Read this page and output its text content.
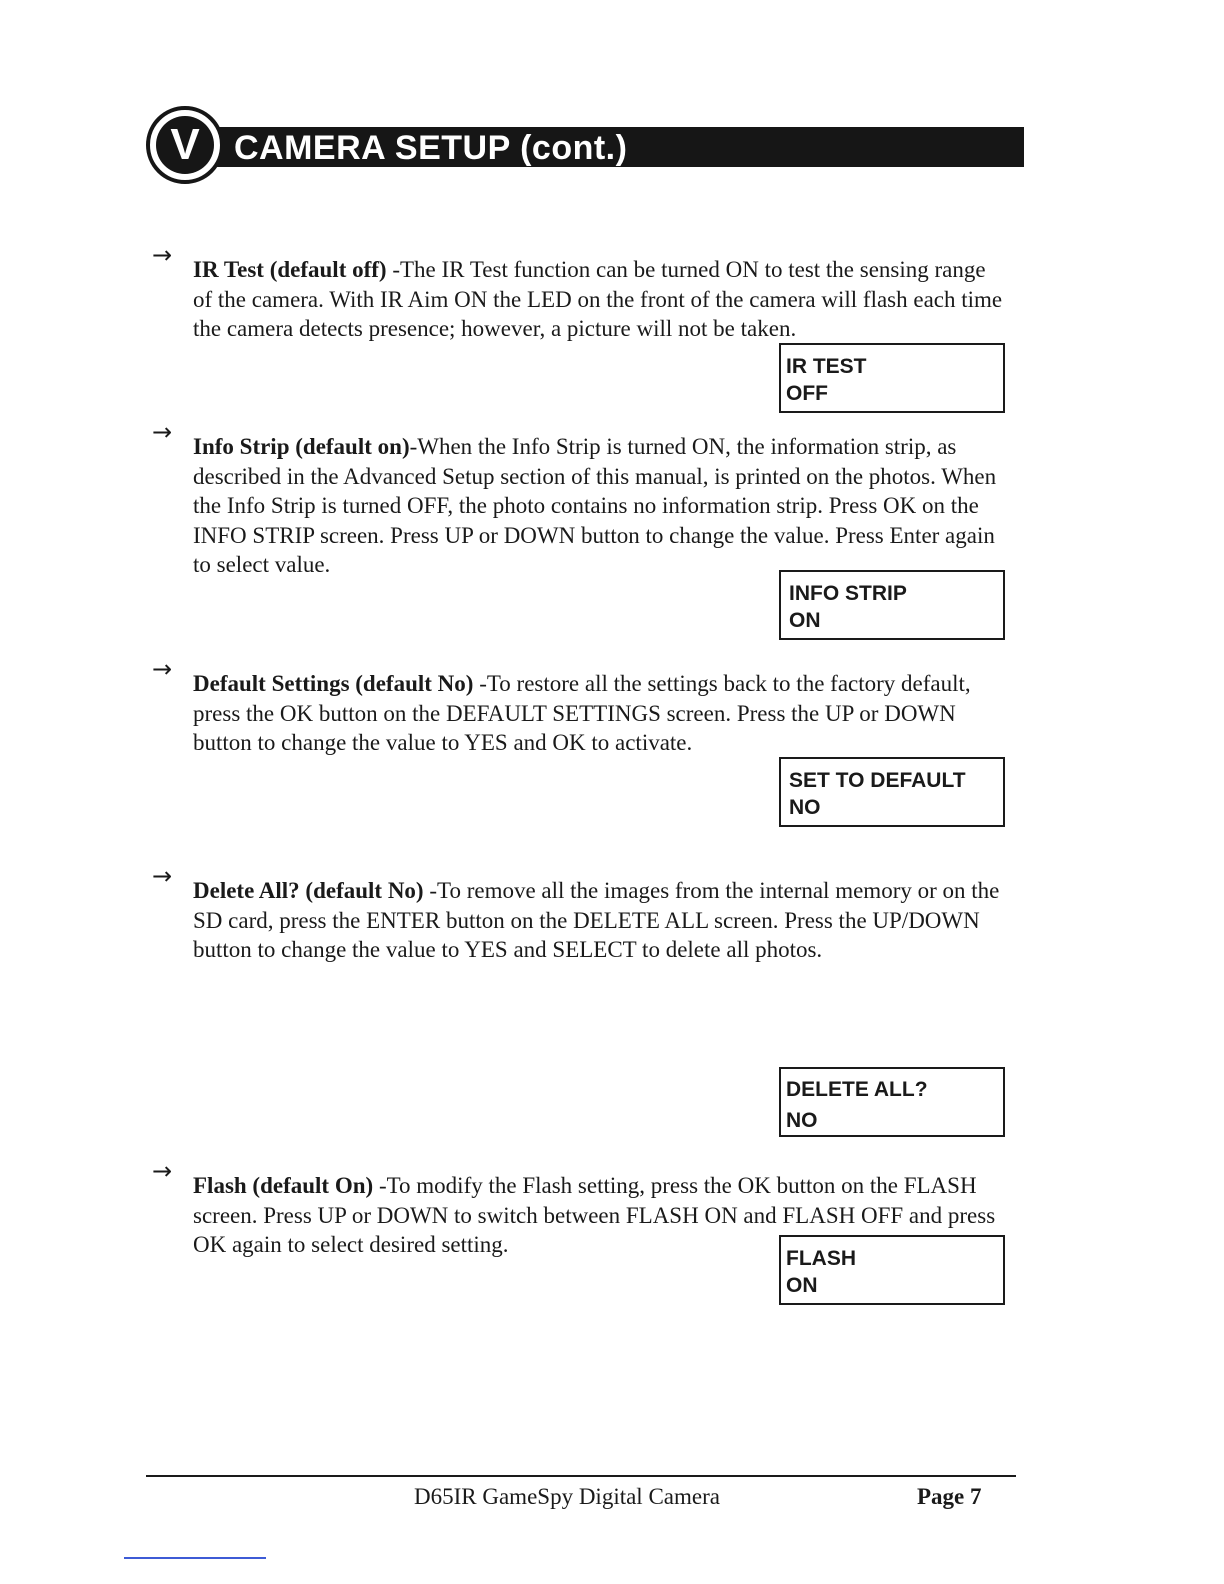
V	CAMERA SETUP (cont.)
→
IR Test (default off) -The IR Test function can be turned ON to test the sensing range of the camera. With IR Aim ON the LED on the front of the camera will flash each time the camera detects presence; however, a picture will not be taken.
IR TEST
OFF
→
Info Strip (default on)-When the Info Strip is turned ON, the information strip, as described in the Advanced Setup section of this manual, is printed on the photos. When the Info Strip is turned OFF, the photo contains no information strip. Press OK on the INFO STRIP screen. Press UP or DOWN button to change the value. Press Enter again to select value.
INFO STRIP
ON
→
Default Settings (default No) -To restore all the settings back to the factory default, press the OK button on the DEFAULT SETTINGS screen. Press the UP or DOWN button to change the value to YES and OK to activate.
SET TO DEFAULT
NO
→
Delete All? (default No) -To remove all the images from the internal memory or on the SD card, press the ENTER button on the DELETE ALL screen. Press the UP/DOWN button to change the value to YES and SELECT to delete all photos.
DELETE ALL?
NO
→
Flash (default On) -To modify the Flash setting, press the OK button on the FLASH screen. Press UP or DOWN to switch between FLASH ON and FLASH OFF and press OK again to select desired setting.
FLASH
ON
D65IR GameSpy Digital Camera	Page 7
